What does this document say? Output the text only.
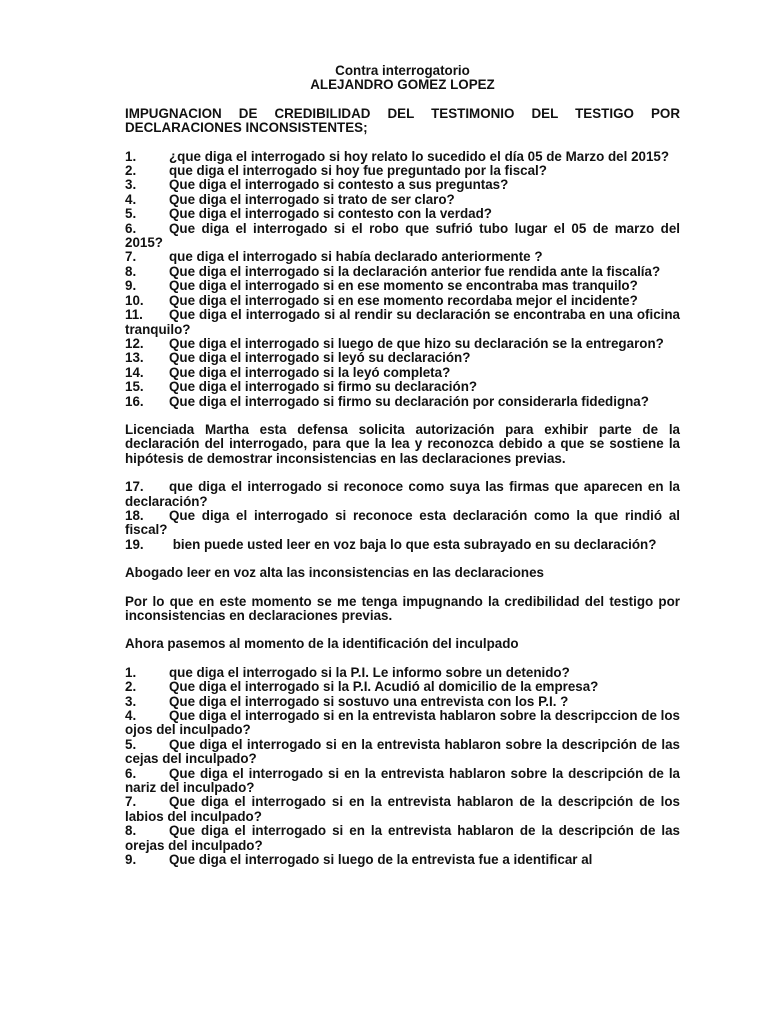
Contra interrogatorio

ALEJANDRO GOMEZ LOPEZ

IMPUGNACION DE CREDIBILIDAD DEL TESTIMONIO DEL TESTIGO POR DECLARACIONES INCONSISTENTES;

1. ¿que diga el interrogado si hoy relato lo sucedido el día 05 de Marzo del 2015?
2. que diga el interrogado si hoy fue preguntado por la fiscal?
3. Que diga el interrogado si contesto a sus preguntas?
4. Que diga el interrogado si trato de ser claro?
5. Que diga el interrogado si contesto con la verdad?
6. Que diga el interrogado si el robo que sufrió tubo lugar el 05 de marzo del 2015?
7. que diga el interrogado si había declarado anteriormente ?
8. Que diga el interrogado si la declaración anterior fue rendida ante la fiscalía?
9. Que diga el interrogado si en ese momento se encontraba mas tranquilo?
10. Que diga el interrogado si en ese momento recordaba mejor el incidente?
11. Que diga el interrogado si al rendir su declaración se encontraba en una oficina tranquilo?
12. Que diga el interrogado si luego de que hizo su declaración se la entregaron?
13. Que diga el interrogado si leyó su declaración?
14. Que diga el interrogado si la leyó completa?
15. Que diga el interrogado si firmo su declaración?
16. Que diga el interrogado si firmo su declaración por considerarla fidedigna?

Licenciada Martha esta defensa solicita autorización para exhibir parte de la declaración del interrogado, para que la lea y reconozca debido a que se sostiene la hipótesis de demostrar inconsistencias en las declaraciones previas.

17. que diga el interrogado si reconoce como suya las firmas que aparecen en la declaración?
18. Que diga el interrogado si reconoce esta declaración como la que rindió al fiscal?
19. bien puede usted leer en voz baja lo que esta subrayado en su declaración?

Abogado leer en voz alta las inconsistencias en las declaraciones

Por lo que en este momento se me tenga impugnando la credibilidad del testigo por inconsistencias en declaraciones previas.

Ahora pasemos al momento de la identificación del inculpado

1. que diga el interrogado si la P.I. Le informo sobre un detenido?
2. Que diga el interrogado si la P.I. Acudió al domicilio de la empresa?
3. Que diga el interrogado si sostuvo una entrevista con los P.I. ?
4. Que diga el interrogado si en la entrevista hablaron sobre la descripccion de los ojos del inculpado?
5. Que diga el interrogado si en la entrevista hablaron sobre la descripción de las cejas del inculpado?
6. Que diga el interrogado si en la entrevista hablaron sobre la descripción de la nariz del inculpado?
7. Que diga el interrogado si en la entrevista hablaron de la descripción de los labios del inculpado?
8. Que diga el interrogado si en la entrevista hablaron de la descripción de las orejas del inculpado?
9. Que diga el interrogado si luego de la entrevista fue a identificar al
